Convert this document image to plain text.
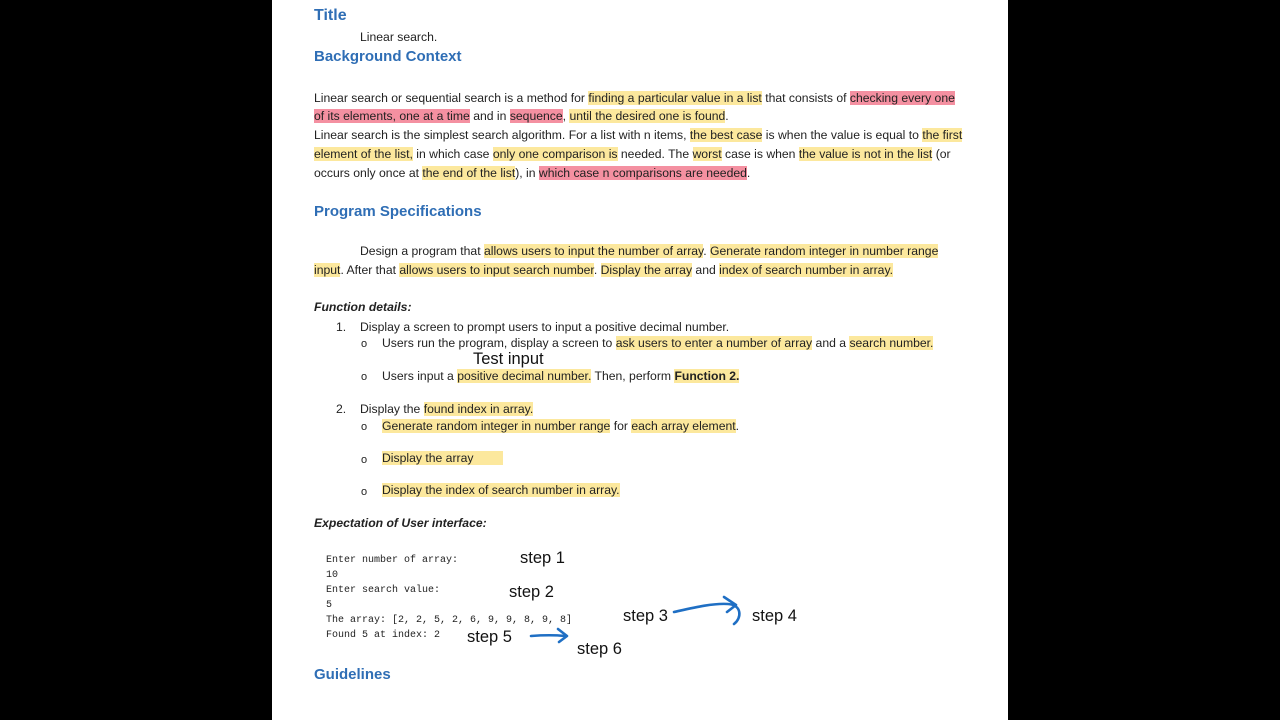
Title
Linear search.
Background Context
Linear search or sequential search is a method for finding a particular value in a list that consists of checking every one
of its elements, one at a time and in sequence, until the desired one is found.
Linear search is the simplest search algorithm. For a list with n items, the best case is when the value is equal to the first
element of the list, in which case only one comparison is needed. The worst case is when the value is not in the list (or
occurs only once at the end of the list), in which case n comparisons are needed.
Program Specifications
Design a program that allows users to input the number of array. Generate random integer in number range
input. After that allows users to input search number. Display the array and index of search number in array.
Function details:
1. Display a screen to prompt users to input a positive decimal number.
o Users run the program, display a screen to ask users to enter a number of array and a search number.
Test input
o Users input a positive decimal number. Then, perform Function 2.
2. Display the found index in array.
o Generate random integer in number range for each array element.
o Display the array
o Display the index of search number in array.
Expectation of User interface:
Enter number of array:
10
Enter search value:
5
The array: [2, 2, 5, 2, 6, 9, 9, 8, 9, 8]
Found 5 at index: 2
step 1
step 2
step 3	step 4
step 5
step 6
Guidelines
